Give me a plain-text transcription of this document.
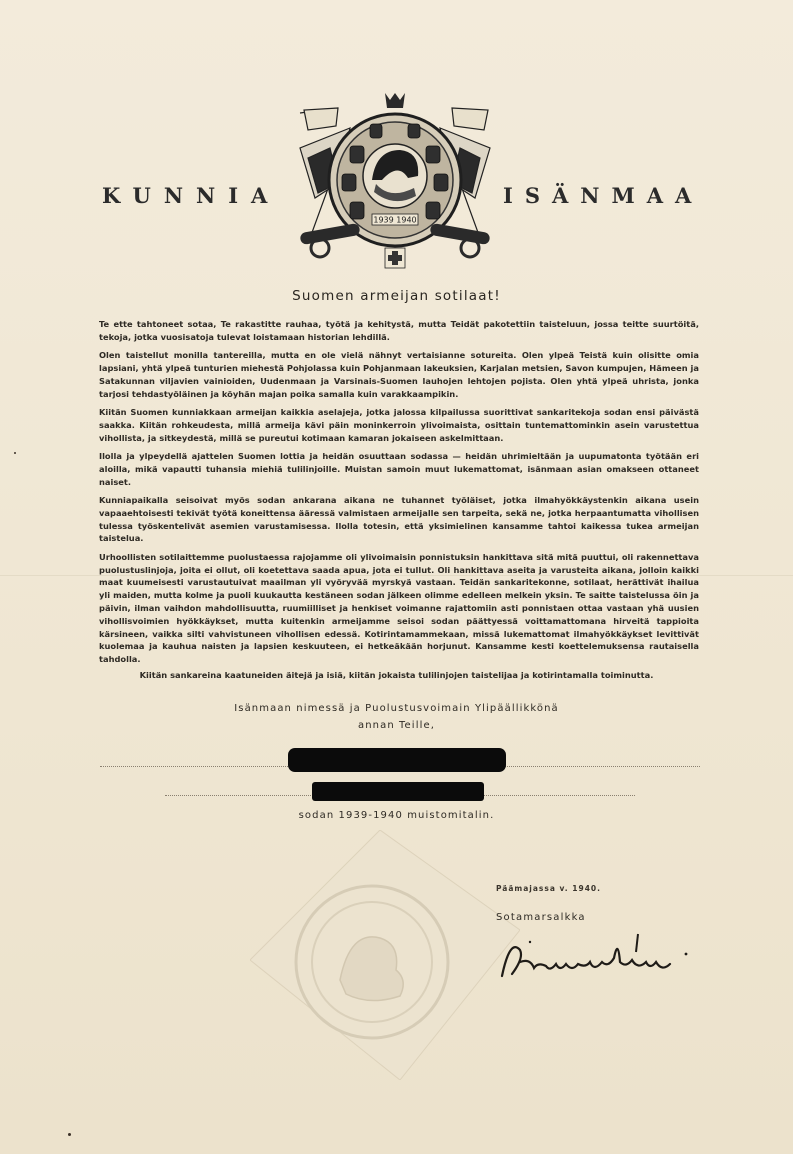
KUNNIA	ISÄNMAA
1939 1940
Suomen armeijan sotilaat!

Te ette tahtoneet sotaa, Te rakastitte rauhaa, työtä ja kehitystä, mutta Teidät pakotettiin taisteluun, jossa teitte suurtöitä, tekoja, jotka vuosisatoja tulevat loistamaan historian lehdillä.

Olen taistellut monilla tantereilla, mutta en ole vielä nähnyt vertaisianne sotureita. Olen ylpeä Teistä kuin olisitte omia lapsiani, yhtä ylpeä tunturien miehestä Pohjolassa kuin Pohjanmaan lakeuksien, Karjalan metsien, Savon kumpujen, Hämeen ja Satakunnan viljavien vainioiden, Uudenmaan ja Varsinais-Suomen lauhojen lehtojen pojista. Olen yhtä ylpeä uhrista, jonka tarjosi tehdastyöläinen ja köyhän majan poika samalla kuin varakkaampikin.

Kiitän Suomen kunniakkaan armeijan kaikkia aselajeja, jotka jalossa kilpailussa suorittivat sankaritekoja sodan ensi päivästä saakka. Kiitän rohkeudesta, millä armeija kävi päin moninkerroin ylivoimaista, osittain tuntemattominkin asein varustettua vihollista, ja sitkeydestä, millä se pureutui kotimaan kamaran jokaiseen askelmittaan.

Ilolla ja ylpeydellä ajattelen Suomen lottia ja heidän osuuttaan sodassa — heidän uhrimieltään ja uupumatonta työtään eri aloilla, mikä vapautti tuhansia miehiä tulilinjoille. Muistan samoin muut lukemattomat, isänmaan asian omakseen ottaneet naiset.

Kunniapaikalla seisoivat myös sodan ankarana aikana ne tuhannet työläiset, jotka ilmahyökkäystenkin aikana usein vapaaehtoisesti tekivät työtä koneittensa ääressä valmistaen armeijalle sen tarpeita, sekä ne, jotka herpaantumatta vihollisen tulessa työskentelivät asemien varustamisessa. Ilolla totesin, että yksimielinen kansamme tahtoi kaikessa tukea armeijan taistelua.

Urhoollisten sotilaittemme puolustaessa rajojamme oli ylivoimaisin ponnistuksin hankittava sitä mitä puuttui, oli rakennettava puolustuslinjoja, joita ei ollut, oli koetettava saada apua, jota ei tullut. Oli hankittava aseita ja varusteita aikana, jolloin kaikki maat kuumeisesti varustautuivat maailman yli vyöryvää myrskyä vastaan. Teidän sankaritekonne, sotilaat, herättivät ihailua yli maiden, mutta kolme ja puoli kuukautta kestäneen sodan jälkeen olimme edelleen melkein yksin. Te saitte taistelussa öin ja päivin, ilman vaihdon mahdollisuutta, ruumiilliset ja henkiset voimanne rajattomiin asti ponnistaen ottaa vastaan yhä uusien vihollisvoimien hyökkäykset, mutta kuitenkin armeijamme seisoi sodan päättyessä voittamattomana hirveitä tappioita kärsineen, vaikka silti vahvistuneen vihollisen edessä. Kotirintamammekaan, missä lukemattomat ilmahyökkäykset levittivät kuolemaa ja kauhua naisten ja lapsien keskuuteen, ei hetkeäkään horjunut. Kansamme kesti koettelemuksensa rautaisella tahdolla.

Kiitän sankareina kaatuneiden äitejä ja isiä, kiitän jokaista tulilinjojen taistelijaa ja kotirintamalla toiminutta.
Isänmaan nimessä ja Puolustusvoimain Ylipäällikkönä
annan Teille,
sodan 1939-1940 muistomitalin.
Päämajassa v. 1940.
Sotamarsalkka
